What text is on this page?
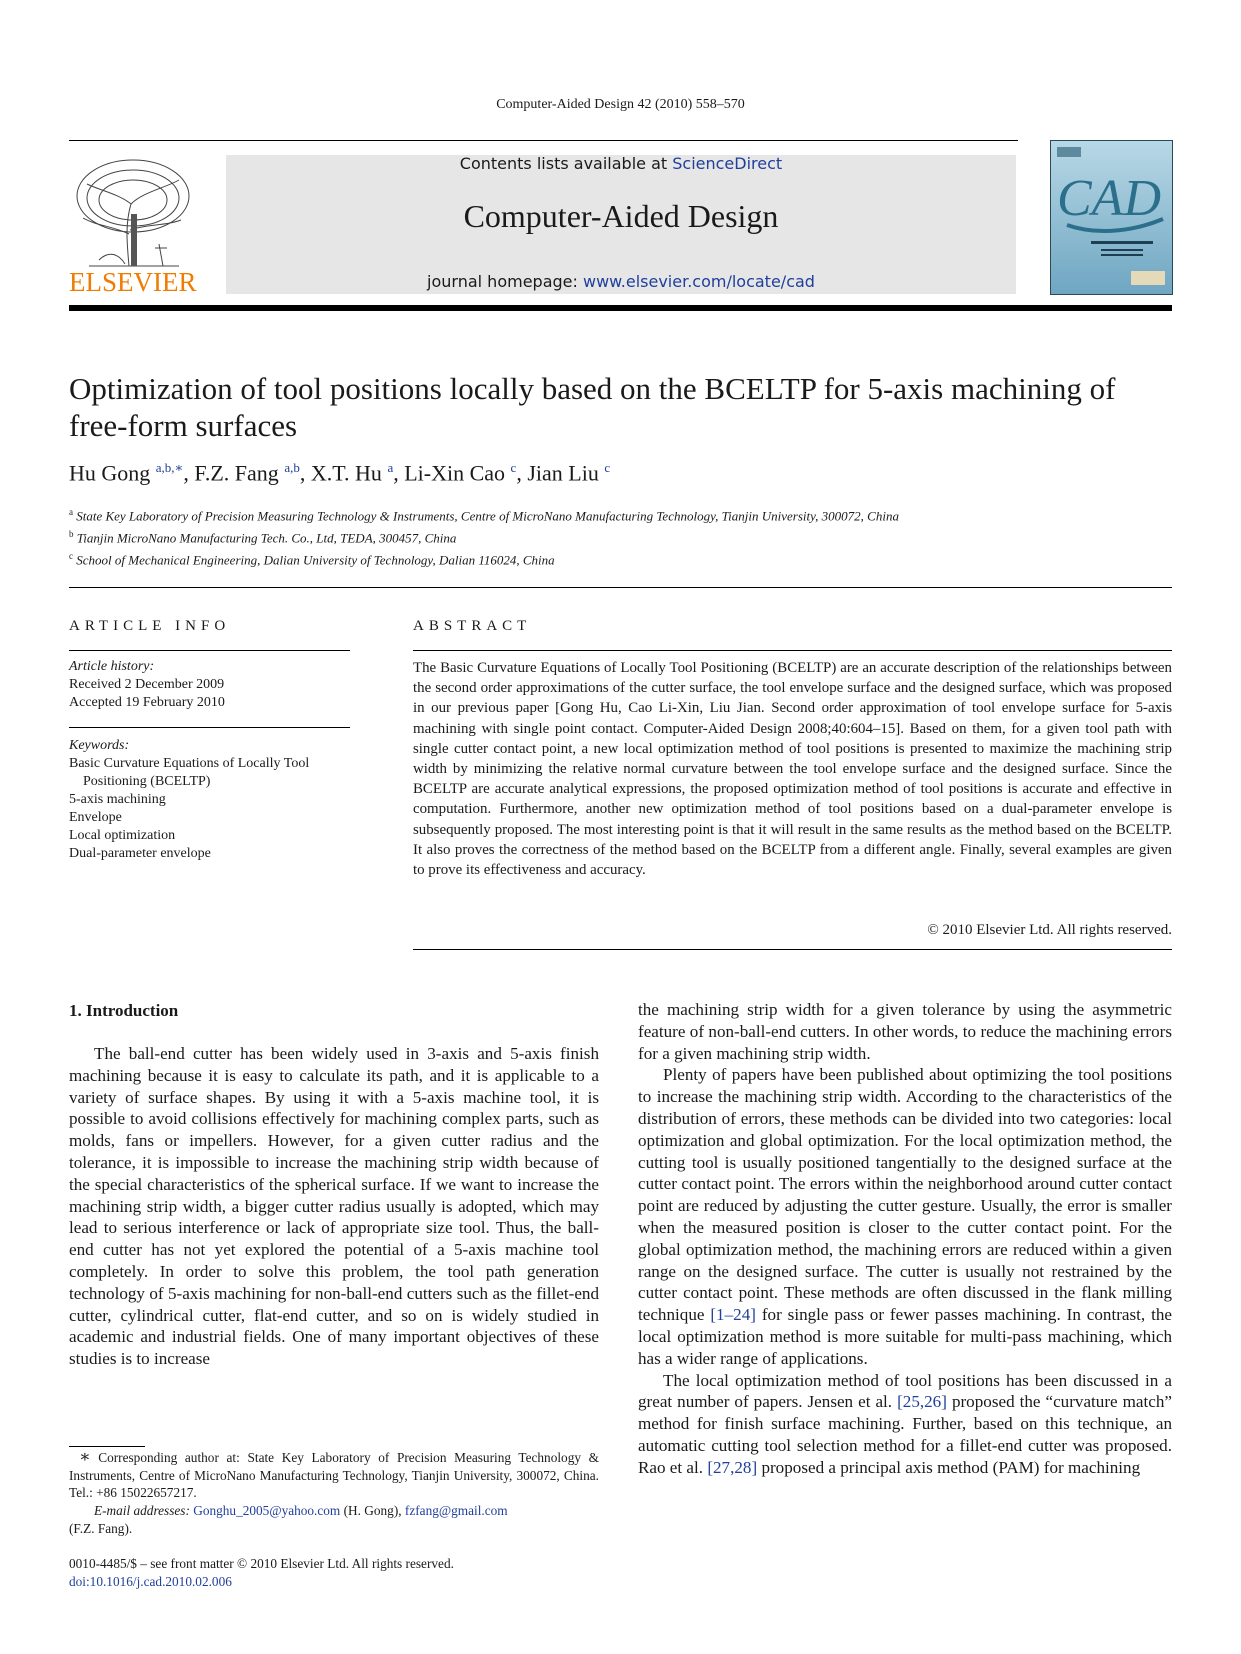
Computer-Aided Design 42 (2010) 558–570
ELSEVIER
Contents lists available at ScienceDirect
Computer-Aided Design
journal homepage: www.elsevier.com/locate/cad
CAD
Optimization of tool positions locally based on the BCELTP for 5-axis machining of free-form surfaces
Hu Gong $^{a,b,∗}$, F.Z. Fang $^{a,b}$, X.T. Hu $^a$, Li-Xin Cao $^c$, Jian Liu $^c$
$^a$ State Key Laboratory of Precision Measuring Technology & Instruments, Centre of MicroNano Manufacturing Technology, Tianjin University, 300072, China
$^b$ Tianjin MicroNano Manufacturing Tech. Co., Ltd, TEDA, 300457, China
$^c$ School of Mechanical Engineering, Dalian University of Technology, Dalian 116024, China
ARTICLE INFO
Article history:
Received 2 December 2009
Accepted 19 February 2010
Keywords:
Basic Curvature Equations of Locally Tool Positioning (BCELTP)
5-axis machining
Envelope
Local optimization
Dual-parameter envelope
ABSTRACT
The Basic Curvature Equations of Locally Tool Positioning (BCELTP) are an accurate description of the relationships between the second order approximations of the cutter surface, the tool envelope surface and the designed surface, which was proposed in our previous paper [Gong Hu, Cao Li-Xin, Liu Jian. Second order approximation of tool envelope surface for 5-axis machining with single point contact. Computer-Aided Design 2008;40:604–15]. Based on them, for a given tool path with single cutter contact point, a new local optimization method of tool positions is presented to maximize the machining strip width by minimizing the relative normal curvature between the tool envelope surface and the designed surface. Since the BCELTP are accurate analytical expressions, the proposed optimization method of tool positions is accurate and effective in computation. Furthermore, another new optimization method of tool positions based on a dual-parameter envelope is subsequently proposed. The most interesting point is that it will result in the same results as the method based on the BCELTP. It also proves the correctness of the method based on the BCELTP from a different angle. Finally, several examples are given to prove its effectiveness and accuracy.
© 2010 Elsevier Ltd. All rights reserved.
1. Introduction

The ball-end cutter has been widely used in 3-axis and 5-axis finish machining because it is easy to calculate its path, and it is applicable to a variety of surface shapes. By using it with a 5-axis machine tool, it is possible to avoid collisions effectively for machining complex parts, such as molds, fans or impellers. However, for a given cutter radius and the tolerance, it is impossible to increase the machining strip width because of the special characteristics of the spherical surface. If we want to increase the machining strip width, a bigger cutter radius usually is adopted, which may lead to serious interference or lack of appropriate size tool. Thus, the ball-end cutter has not yet explored the potential of a 5-axis machine tool completely. In order to solve this problem, the tool path generation technology of 5-axis machining for non-ball-end cutters such as the fillet-end cutter, cylindrical cutter, flat-end cutter, and so on is widely studied in academic and industrial fields. One of many important objectives of these studies is to increase

the machining strip width for a given tolerance by using the asymmetric feature of non-ball-end cutters. In other words, to reduce the machining errors for a given machining strip width.

Plenty of papers have been published about optimizing the tool positions to increase the machining strip width. According to the characteristics of the distribution of errors, these methods can be divided into two categories: local optimization and global optimization. For the local optimization method, the cutting tool is usually positioned tangentially to the designed surface at the cutter contact point. The errors within the neighborhood around cutter contact point are reduced by adjusting the cutter gesture. Usually, the error is smaller when the measured position is closer to the cutter contact point. For the global optimization method, the machining errors are reduced within a given range on the designed surface. The cutter is usually not restrained by the cutter contact point. These methods are often discussed in the flank milling technique [1–24] for single pass or fewer passes machining. In contrast, the local optimization method is more suitable for multi-pass machining, which has a wider range of applications.

The local optimization method of tool positions has been discussed in a great number of papers. Jensen et al. [25,26] proposed the “curvature match” method for finish surface machining. Further, based on this technique, an automatic cutting tool selection method for a fillet-end cutter was proposed. Rao et al. [27,28] proposed a principal axis method (PAM) for machining

∗ Corresponding author at: State Key Laboratory of Precision Measuring Technology & Instruments, Centre of MicroNano Manufacturing Technology, Tianjin University, 300072, China. Tel.: +86 15022657217.
E-mail addresses: Gonghu_2005@yahoo.com (H. Gong), fzfang@gmail.com
(F.Z. Fang).
0010-4485/$ – see front matter © 2010 Elsevier Ltd. All rights reserved.
doi:10.1016/j.cad.2010.02.006
